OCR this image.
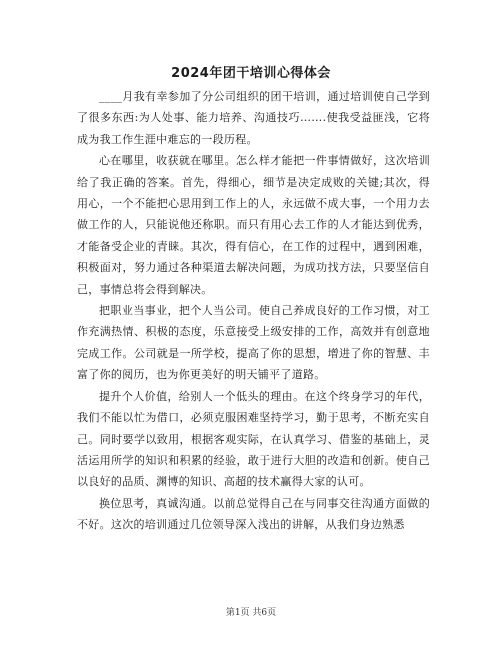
2024年团干培训心得体会

____月我有幸参加了分公司组织的团干培训，通过培训使自己学到了很多东西:为人处事、能力培养、沟通技巧…….使我受益匪浅，它将成为我工作生涯中难忘的一段历程。

心在哪里，收获就在哪里。怎么样才能把一件事情做好，这次培训给了我正确的答案。首先，得细心，细节是决定成败的关键;其次，得用心，一个不能把心思用到工作上的人，永远做不成大事，一个用力去做工作的人，只能说他还称职。而只有用心去工作的人才能达到优秀，才能备受企业的青睐。其次，得有信心，在工作的过程中，遇到困难，积极面对，努力通过各种渠道去解决问题，为成功找方法，只要坚信自己，事情总将会得到解决。

把职业当事业，把个人当公司。使自己养成良好的工作习惯，对工作充满热情、积极的态度，乐意接受上级安排的工作，高效并有创意地完成工作。公司就是一所学校，提高了你的思想，增进了你的智慧、丰富了你的阅历，也为你更美好的明天铺平了道路。

提升个人价值，给别人一个低头的理由。在这个终身学习的年代，我们不能以忙为借口，必须克服困难坚持学习，勤于思考，不断充实自己。同时要学以致用，根据客观实际，在认真学习、借鉴的基础上，灵活运用所学的知识和积累的经验，敢于进行大胆的改造和创新。使自己以良好的品质、渊博的知识、高超的技术赢得大家的认可。

换位思考，真诚沟通。以前总觉得自己在与同事交往沟通方面做的不好。这次的培训通过几位领导深入浅出的讲解，从我们身边熟悉

第1页 共6页
